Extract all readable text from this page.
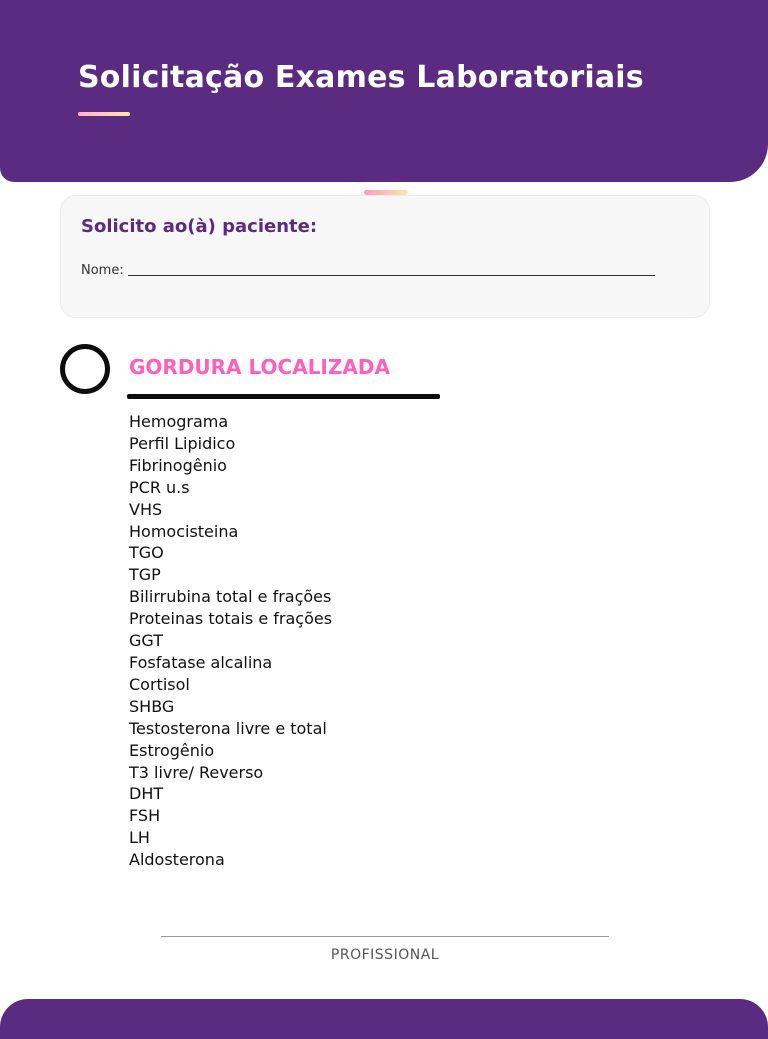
Solicitação Exames Laboratoriais
Solicito ao(à) paciente:
Nome:
GORDURA LOCALIZADA
Hemograma
Perfil Lipidico
Fibrinogênio
PCR u.s
VHS
Homocisteina
TGO
TGP
Bilirrubina total e frações
Proteinas totais e frações
GGT
Fosfatase alcalina
Cortisol
SHBG
Testosterona livre e total
Estrogênio
T3 livre/ Reverso
DHT
FSH
LH
Aldosterona
PROFISSIONAL
